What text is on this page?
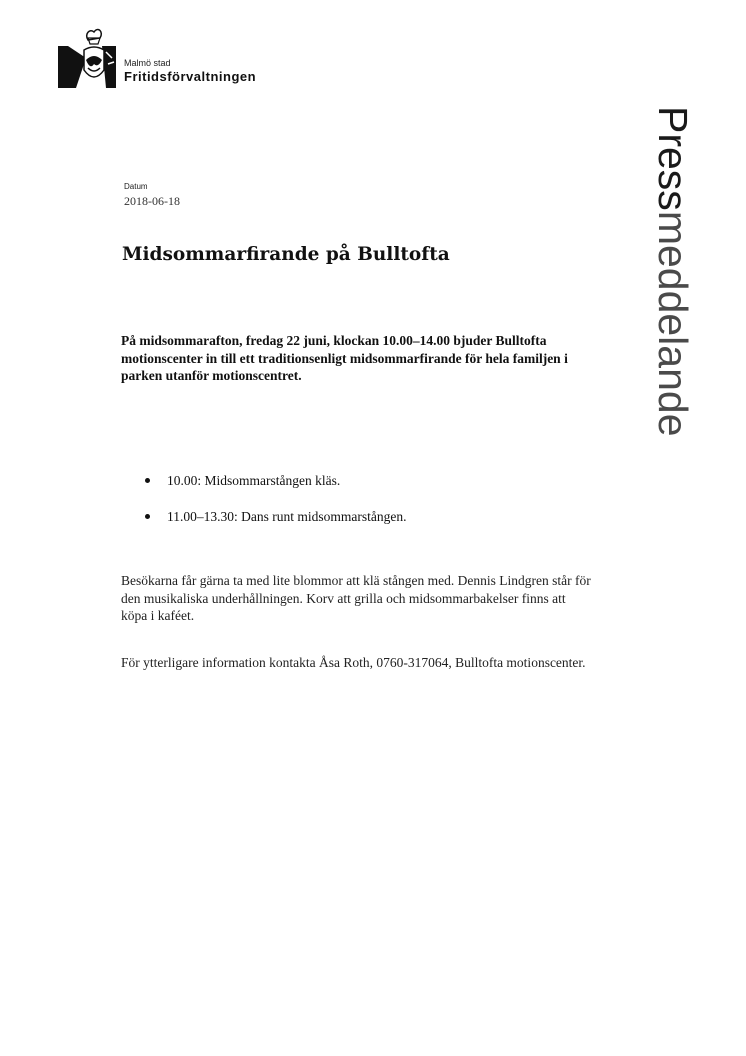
Malmö stad
Fritidsförvaltningen
Pressmeddelande
Datum
2018-06-18
Midsommarfirande på Bulltofta

På midsommarafton, fredag 22 juni, klockan 10.00–14.00 bjuder Bulltofta motionscenter in till ett traditionsenligt midsommarfirande för hela familjen i parken utanför motionscentret.

10.00: Midsommarstången kläs.
11.00–13.30: Dans runt midsommarstången.

Besökarna får gärna ta med lite blommor att klä stången med. Dennis Lindgren står för den musikaliska underhållningen. Korv att grilla och midsommarbakelser finns att köpa i kaféet.

För ytterligare information kontakta Åsa Roth, 0760-317064, Bulltofta motionscenter.
